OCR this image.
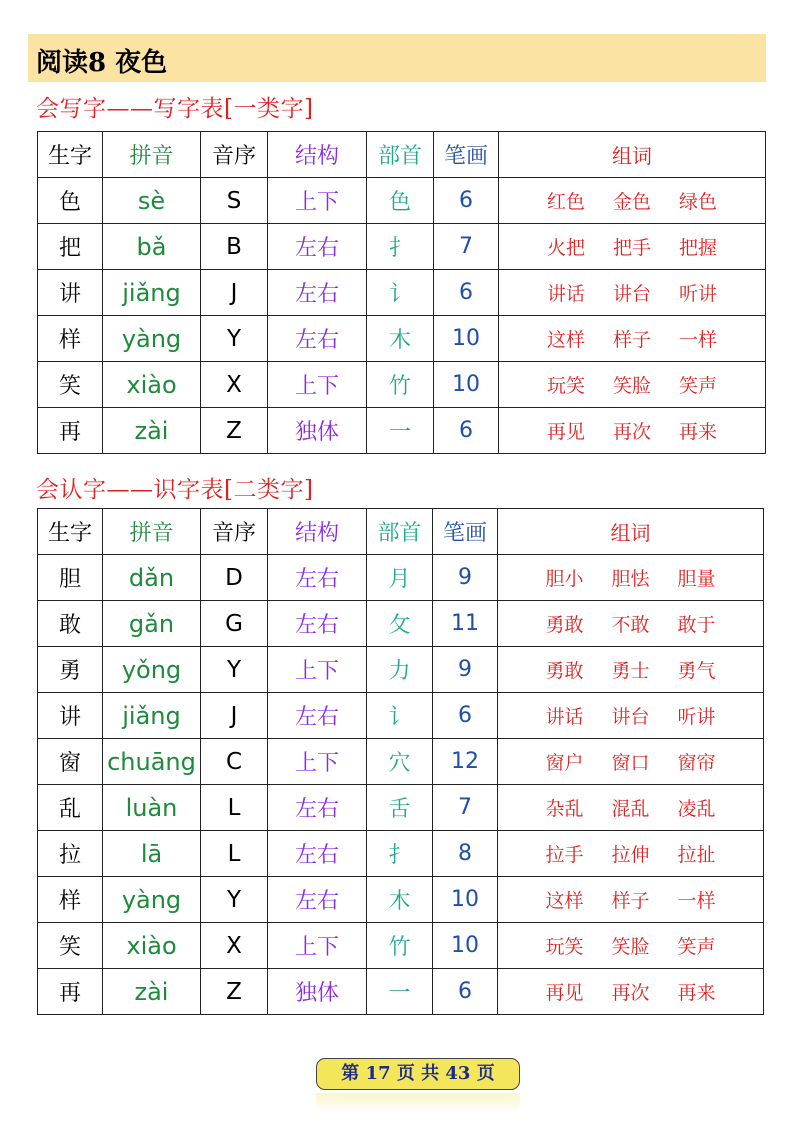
阅读8 夜色
会写字——写字表[一类字]
生字	拼音	音序	结构	部首	笔画	组词
色	sè	S	上下	色	6	红色 金色 绿色
把	bǎ	B	左右	扌	7	火把 把手 把握
讲	jiǎng	J	左右	讠	6	讲话 讲台 听讲
样	yàng	Y	左右	木	10	这样 样子 一样
笑	xiào	X	上下	竹	10	玩笑 笑脸 笑声
再	zài	Z	独体	一	6	再见 再次 再来
会认字——识字表[二类字]
生字	拼音	音序	结构	部首	笔画	组词
胆	dǎn	D	左右	月	9	胆小 胆怯 胆量
敢	gǎn	G	左右	攵	11	勇敢 不敢 敢于
勇	yǒng	Y	上下	力	9	勇敢 勇士 勇气
讲	jiǎng	J	左右	讠	6	讲话 讲台 听讲
窗	chuāng	C	上下	穴	12	窗户 窗口 窗帘
乱	luàn	L	左右	舌	7	杂乱 混乱 凌乱
拉	lā	L	左右	扌	8	拉手 拉伸 拉扯
样	yàng	Y	左右	木	10	这样 样子 一样
笑	xiào	X	上下	竹	10	玩笑 笑脸 笑声
再	zài	Z	独体	一	6	再见 再次 再来
第 17 页 共 43 页
